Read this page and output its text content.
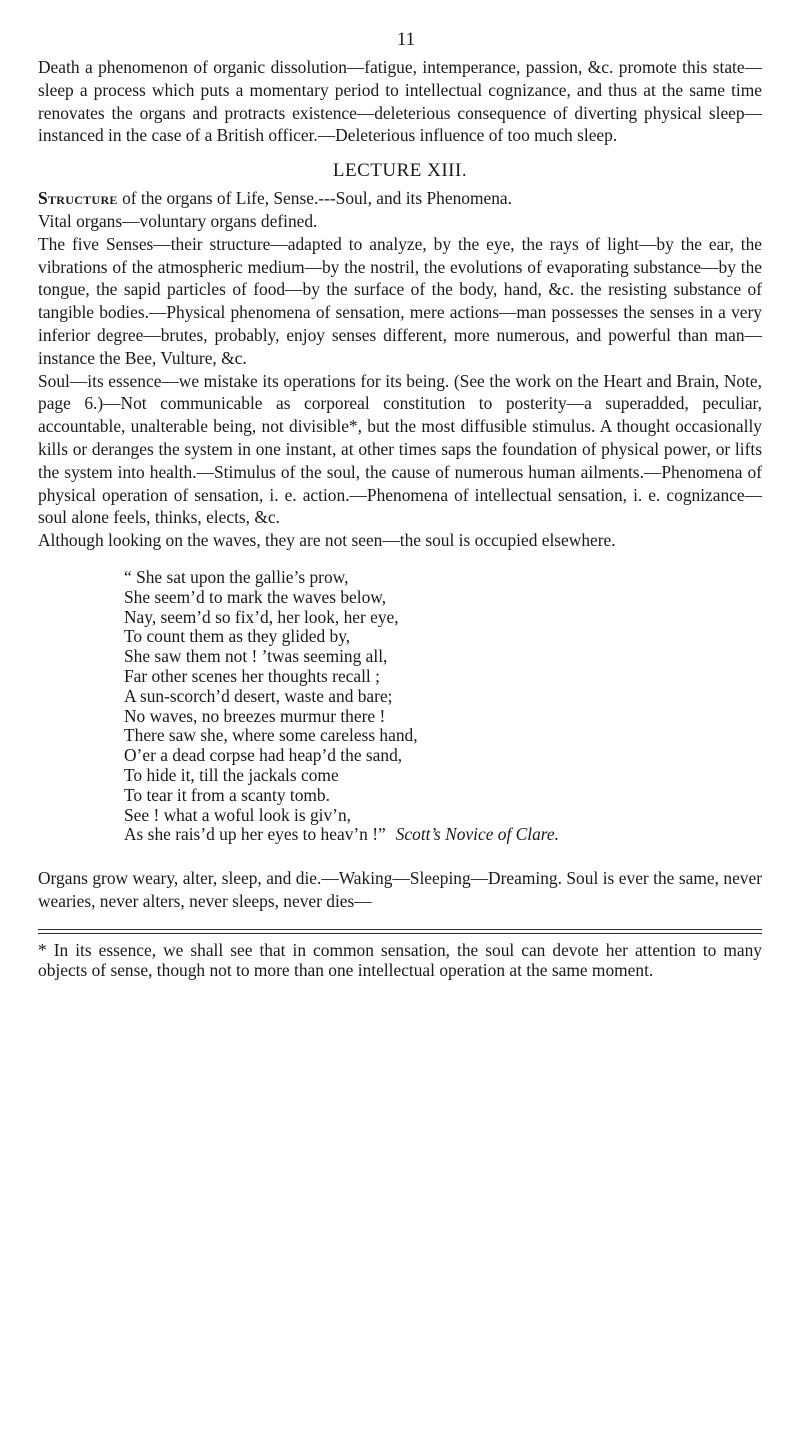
11

Death a phenomenon of organic dissolution—fatigue, intemperance, passion, &c. promote this state—sleep a process which puts a momentary period to intellectual cognizance, and thus at the same time renovates the organs and protracts existence—deleterious consequence of diverting physical sleep—instanced in the case of a British officer.—Deleterious influence of too much sleep.

LECTURE XIII.

Structure of the organs of Life, Sense.---Soul, and its Phenomena.

Vital organs—voluntary organs defined.

The five Senses—their structure—adapted to analyze, by the eye, the rays of light—by the ear, the vibrations of the atmospheric medium—by the nostril, the evolutions of evaporating substance—by the tongue, the sapid particles of food—by the surface of the body, hand, &c. the resisting substance of tangible bodies.—Physical phenomena of sensation, mere actions—man possesses the senses in a very inferior degree—brutes, probably, enjoy senses different, more numerous, and powerful than man—instance the Bee, Vulture, &c.

Soul—its essence—we mistake its operations for its being. (See the work on the Heart and Brain, Note, page 6.)—Not communicable as corporeal constitution to posterity—a superadded, peculiar, accountable, unalterable being, not divisible*, but the most diffusible stimulus. A thought occasionally kills or deranges the system in one instant, at other times saps the foundation of physical power, or lifts the system into health.—Stimulus of the soul, the cause of numerous human ailments.—Phenomena of physical operation of sensation, i. e. action.—Phenomena of intellectual sensation, i. e. cognizance—soul alone feels, thinks, elects, &c.

Although looking on the waves, they are not seen—the soul is occupied elsewhere.

“ She sat upon the gallie’s prow,
She seem’d to mark the waves below,
Nay, seem’d so fix’d, her look, her eye,
To count them as they glided by,
She saw them not ! ’twas seeming all,
Far other scenes her thoughts recall ;
A sun-scorch’d desert, waste and bare;
No waves, no breezes murmur there !
There saw she, where some careless hand,
O’er a dead corpse had heap’d the sand,
To hide it, till the jackals come
To tear it from a scanty tomb.
See ! what a woful look is giv’n,
As she rais’d up her eyes to heav’n !” Scott’s Novice of Clare.

Organs grow weary, alter, sleep, and die.—Waking—Sleeping—Dreaming. Soul is ever the same, never wearies, never alters, never sleeps, never dies—

* In its essence, we shall see that in common sensation, the soul can devote her attention to many objects of sense, though not to more than one intellectual operation at the same moment.
